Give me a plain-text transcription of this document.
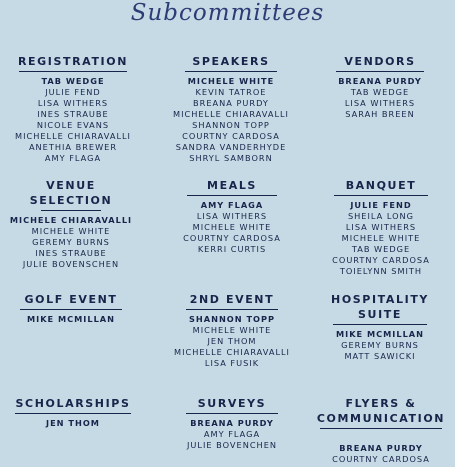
Subcommittees
REGISTRATION
TAB WEDGE
JULIE FEND
LISA WITHERS
INES STRAUBE
NICOLE EVANS
MICHELLE CHIARAVALLI
ANETHIA BREWER
AMY FLAGA
SPEAKERS
MICHELE WHITE
KEVIN TATROE
BREANA PURDY
MICHELLE CHIARAVALLI
SHANNON TOPP
COURTNY CARDOSA
SANDRA VANDERHYDE
SHRYL SAMBORN
VENDORS
BREANA PURDY
TAB WEDGE
LISA WITHERS
SARAH BREEN
VENUE
SELECTION
MICHELE CHIARAVALLI
MICHELE WHITE
GEREMY BURNS
INES STRAUBE
JULIE BOVENSCHEN
MEALS
AMY FLAGA
LISA WITHERS
MICHELE WHITE
COURTNY CARDOSA
KERRI CURTIS
BANQUET
JULIE FEND
SHEILA LONG
LISA WITHERS
MICHELE WHITE
TAB WEDGE
COURTNY CARDOSA
TOIELYNN SMITH
GOLF EVENT
MIKE MCMILLAN
2ND EVENT
SHANNON TOPP
MICHELE WHITE
JEN THOM
MICHELLE CHIARAVALLI
LISA FUSIK
HOSPITALITY
SUITE
MIKE MCMILLAN
GEREMY BURNS
MATT SAWICKI
SCHOLARSHIPS
JEN THOM
SURVEYS
BREANA PURDY
AMY FLAGA
JULIE BOVENCHEN
FLYERS &
COMMUNICATION
BREANA PURDY
COURTNY CARDOSA
